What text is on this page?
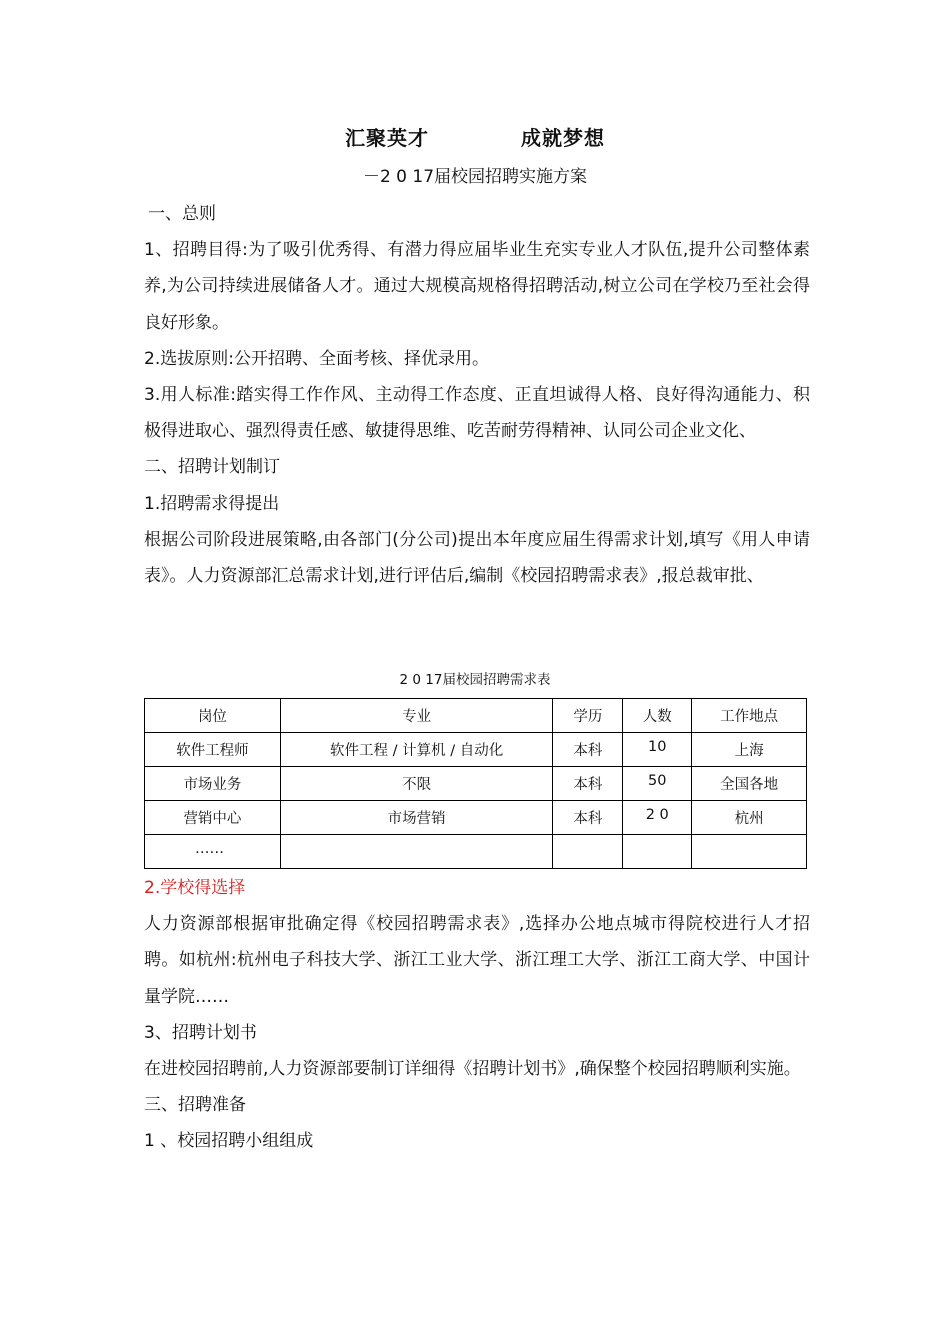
汇聚英才	成就梦想
－2 0 17届校园招聘实施方案

一、总则

1、招聘目得:为了吸引优秀得、有潜力得应届毕业生充实专业人才队伍,提升公司整体素养,为公司持续进展储备人才。通过大规模高规格得招聘活动,树立公司在学校乃至社会得良好形象。

2.选拔原则:公开招聘、全面考核、择优录用。

3.用人标准:踏实得工作作风、主动得工作态度、正直坦诚得人格、良好得沟通能力、积极得进取心、强烈得责任感、敏捷得思维、吃苦耐劳得精神、认同公司企业文化、

二、招聘计划制订

1.招聘需求得提出

根据公司阶段进展策略,由各部门(分公司)提出本年度应届生得需求计划,填写《用人申请表》。人力资源部汇总需求计划,进行评估后,编制《校园招聘需求表》,报总裁审批、

2 0 17届校园招聘需求表
岗位	专业	学历	人数	工作地点
软件工程师	软件工程 / 计算机 / 自动化	本科	10	上海
市场业务	不限	本科	50	全国各地
营销中心	市场营销	本科	2 0	杭州
……				

2.学校得选择

人力资源部根据审批确定得《校园招聘需求表》,选择办公地点城市得院校进行人才招聘。如杭州:杭州电子科技大学、浙江工业大学、浙江理工大学、浙江工商大学、中国计量学院……

3、招聘计划书

在进校园招聘前,人力资源部要制订详细得《招聘计划书》,确保整个校园招聘顺利实施。

三、招聘准备

1 、校园招聘小组组成
